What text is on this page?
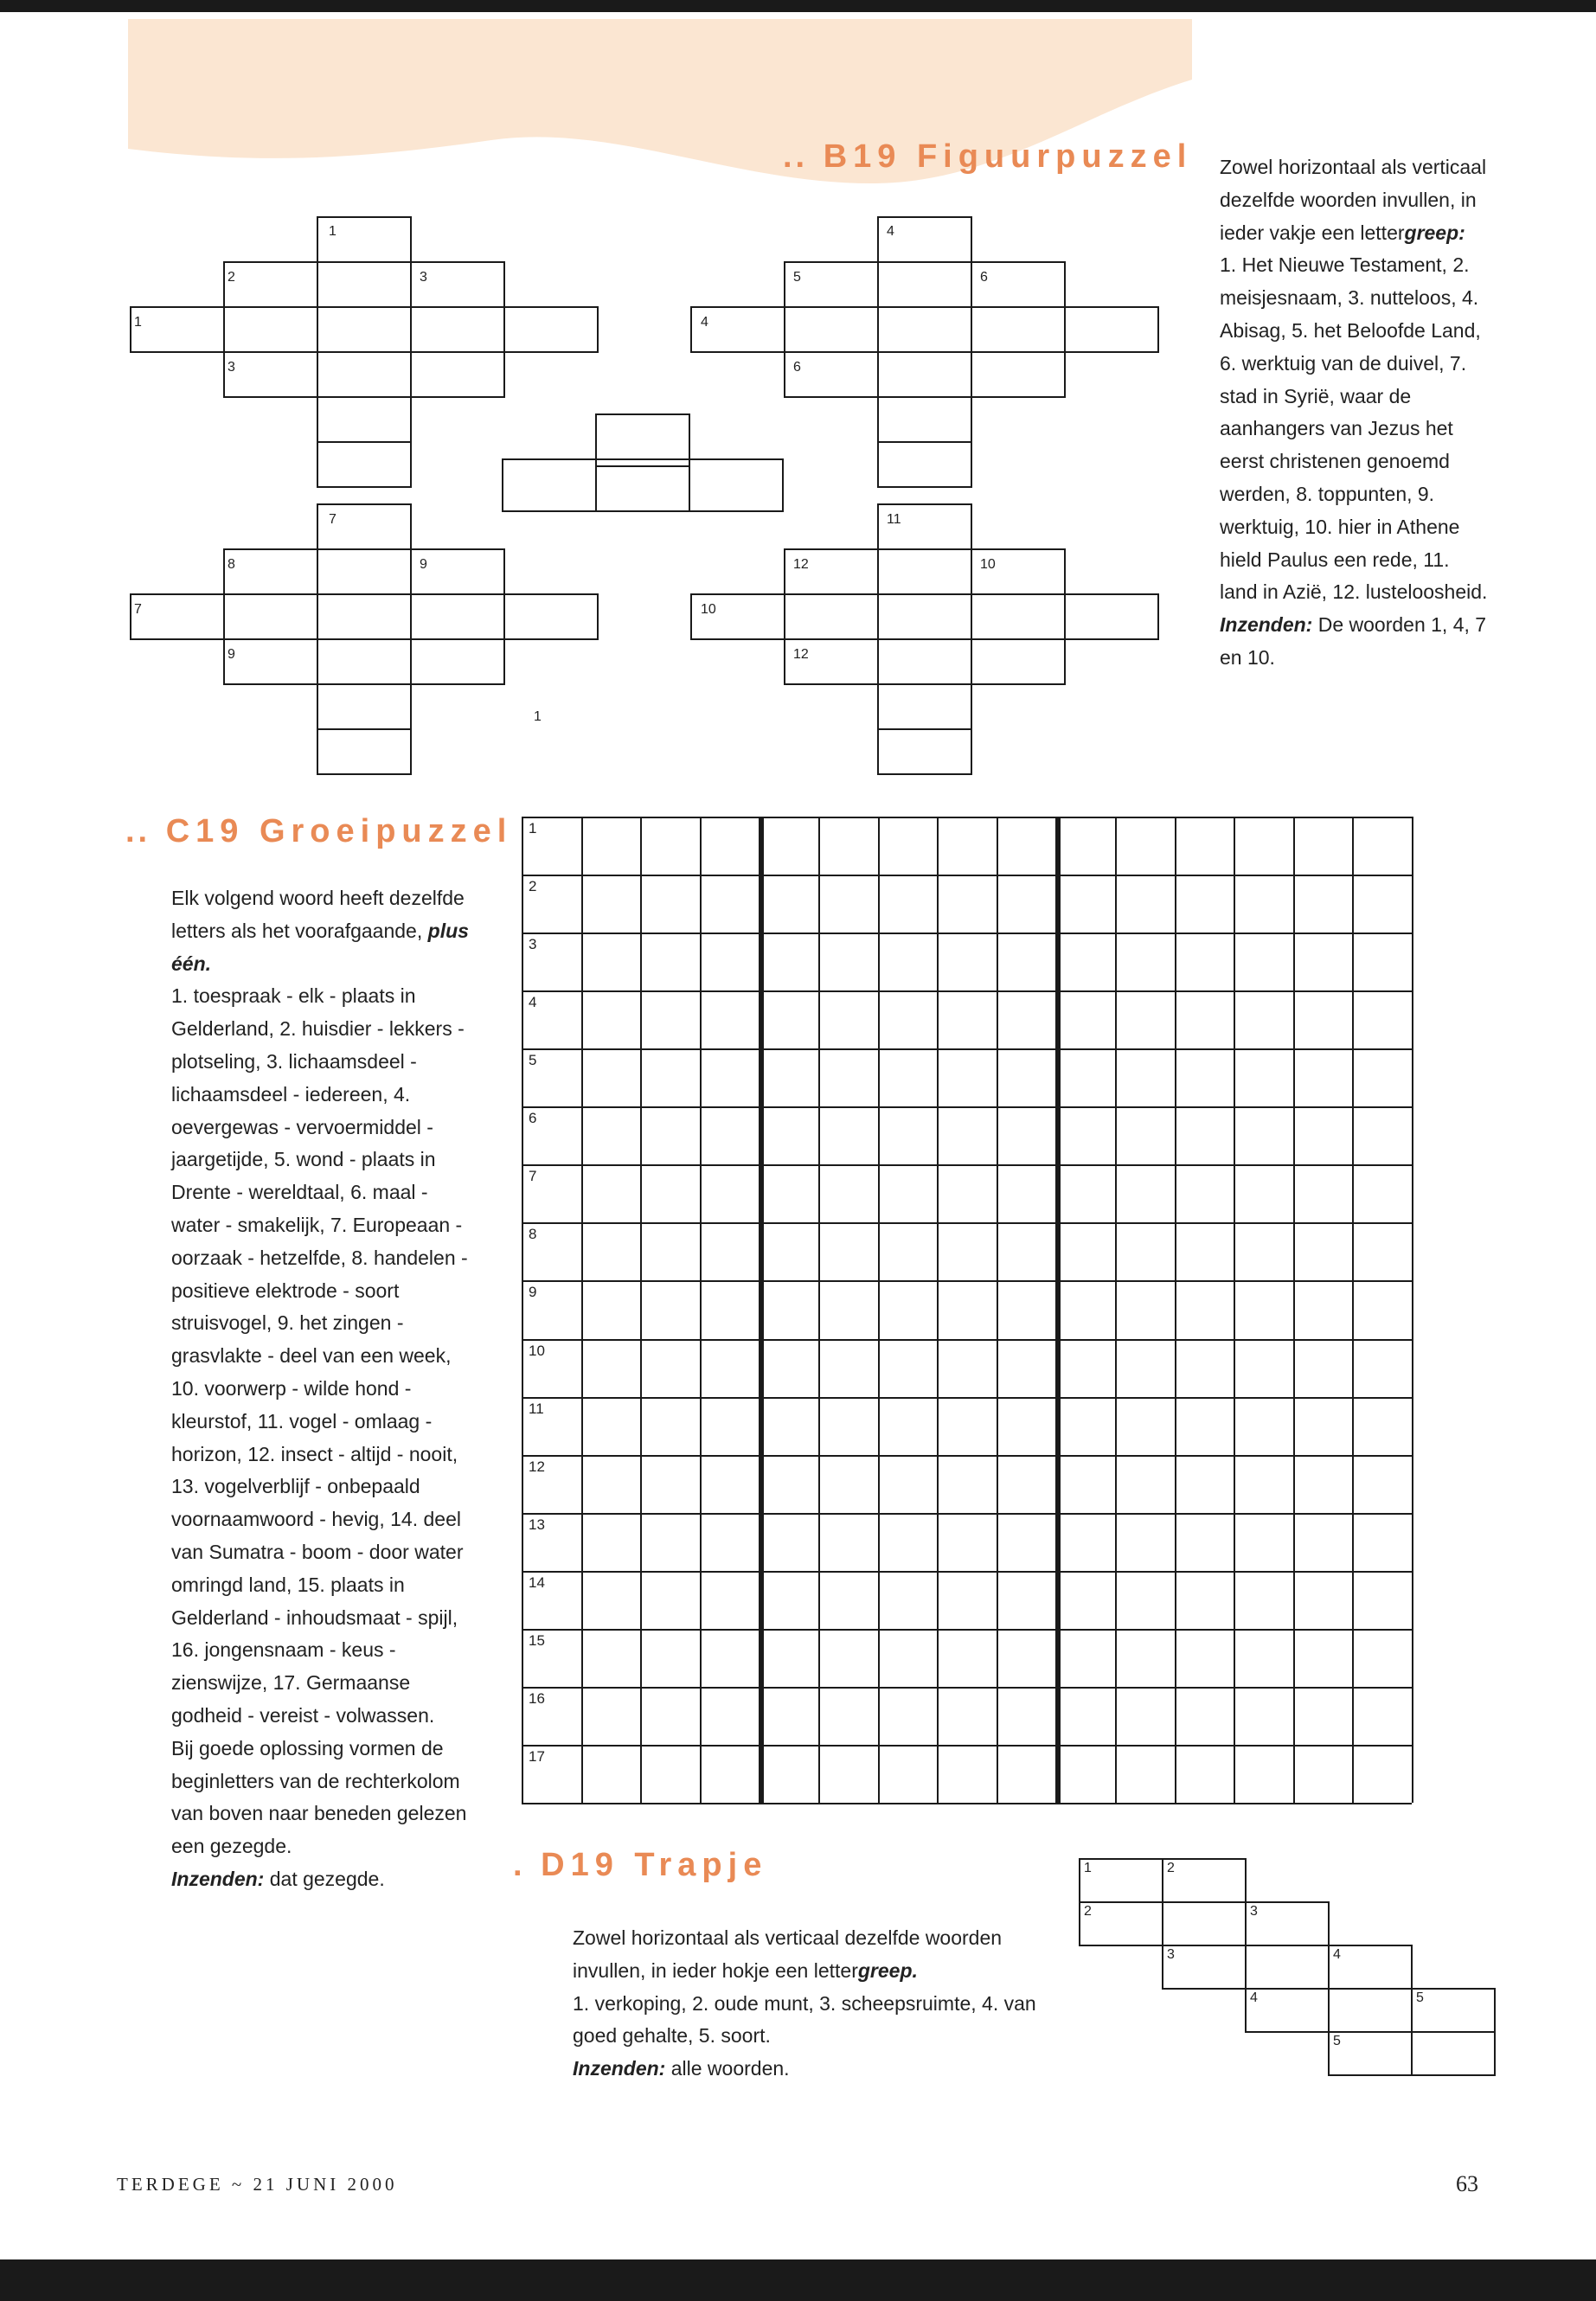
.. B19 Figuurpuzzel Zowel horizontaal als verticaal dezelfde woorden invullen, in ieder vakje een lettergreep:

1. Het Nieuwe Testament, 2. meisjesnaam, 3. nutteloos, 4. Abisag, 5. het Beloofde Land, 6. werktuig van de duivel, 7. stad in Syrië, waar de aanhangers van Jezus het eerst christenen genoemd werden, 8. toppunten, 9. werktuig, 10. hier in Athene hield Paulus een rede, 11. land in Azië, 12. lusteloosheid.

Inzenden: De woorden 1, 4, 7 en 10.

1
2	3
1
3
4
5	6
4
6
7
8	9
7
9
10
11
12	10
12
1
.. C19 Groeipuzzel

Elk volgend woord heeft dezelfde letters als het voorafgaande, plus één.

1. toespraak - elk - plaats in Gelderland, 2. huisdier - lekkers - plotseling, 3. lichaamsdeel - lichaamsdeel - iedereen, 4. oevergewas - vervoermiddel - jaargetijde, 5. wond - plaats in Drente - wereldtaal, 6. maal - water - smakelijk, 7. Europeaan - oorzaak - hetzelfde, 8. handelen - positieve elektrode - soort struisvogel, 9. het zingen - grasvlakte - deel van een week, 10. voorwerp - wilde hond - kleurstof, 11. vogel - omlaag - horizon, 12. insect - altijd - nooit, 13. vogelverblijf - onbepaald voornaamwoord - hevig, 14. deel van Sumatra - boom - door water omringd land, 15. plaats in Gelderland - inhoudsmaat - spijl, 16. jongensnaam - keus - zienswijze, 17. Germaanse godheid - vereist - volwassen.

Bij goede oplossing vormen de beginletters van de rechterkolom van boven naar beneden gelezen een gezegde.

Inzenden: dat gezegde.

1
2
3
4
5
6
7
8
9
10
11
12
13
14
15
16
17
. D19 Trapje

Zowel horizontaal als verticaal dezelfde woorden invullen, in ieder hokje een lettergreep.

1. verkoping, 2. oude munt, 3. scheepsruimte, 4. van goed gehalte, 5. soort.

Inzenden: alle woorden.

1	2
2	3
3	4
4	5
5
TERDEGE ~ 21 JUNI 2000	63
